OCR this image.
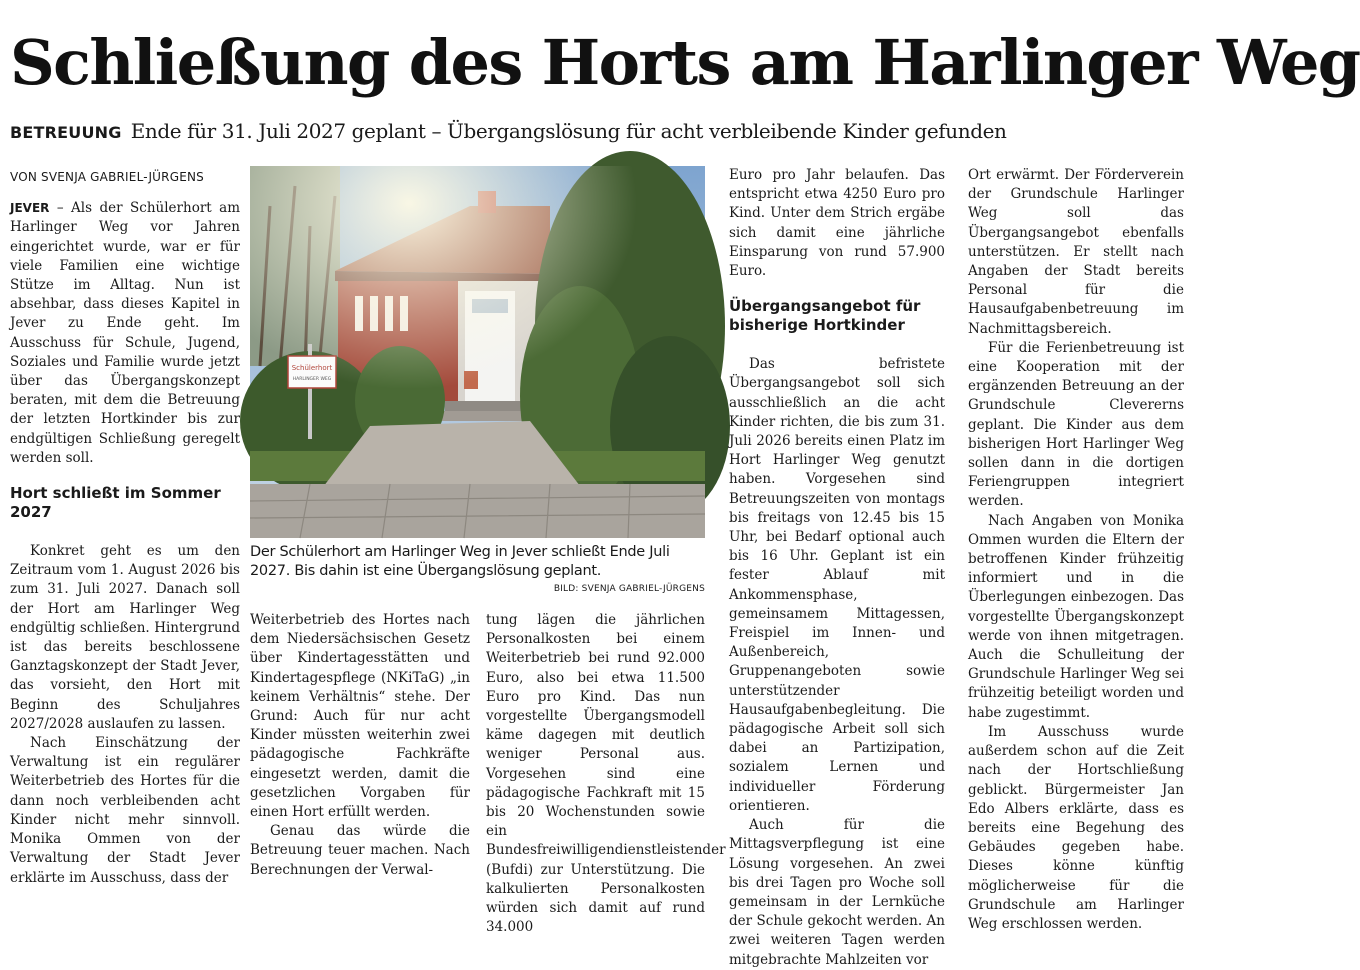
Schließung des Horts am Harlinger Weg
BETREUUNG Ende für 31. Juli 2027 geplant – Übergangslösung für acht verbleibende Kinder gefunden
VON SVENJA GABRIEL-JÜRGENS

JEVER – Als der Schülerhort am Harlinger Weg vor Jahren eingerichtet wurde, war er für viele Familien eine wichtige Stütze im Alltag. Nun ist absehbar, dass dieses Kapitel in Jever zu Ende geht. Im Ausschuss für Schule, Jugend, Soziales und Familie wurde jetzt über das Übergangskonzept beraten, mit dem die Betreuung der letzten Hortkinder bis zur endgültigen Schließung geregelt werden soll.

Hort schließt im Sommer 2027

Konkret geht es um den Zeitraum vom 1. August 2026 bis zum 31. Juli 2027. Danach soll der Hort am Harlinger Weg endgültig schließen. Hintergrund ist das bereits beschlossene Ganztagskonzept der Stadt Jever, das vorsieht, den Hort mit Beginn des Schuljahres 2027/2028 auslaufen zu lassen.

Nach Einschätzung der Verwaltung ist ein regulärer Weiterbetrieb des Hortes für die dann noch verbleibenden acht Kinder nicht mehr sinnvoll. Monika Ommen von der Verwaltung der Stadt Jever erklärte im Ausschuss, dass der

Der Schülerhort am Harlinger Weg in Jever schließt Ende Juli 2027. Bis dahin ist eine Übergangslösung geplant.
BILD: SVENJA GABRIEL-JÜRGENS

Weiterbetrieb des Hortes nach dem Niedersächsischen Gesetz über Kindertagesstätten und Kindertagespflege (NKiTaG) „in keinem Verhältnis“ stehe. Der Grund: Auch für nur acht Kinder müssten weiterhin zwei pädagogische Fachkräfte eingesetzt werden, damit die gesetzlichen Vorgaben für einen Hort erfüllt werden.

Genau das würde die Betreuung teuer machen. Nach Berechnungen der Verwal-

tung lägen die jährlichen Personalkosten bei einem Weiterbetrieb bei rund 92.000 Euro, also bei etwa 11.500 Euro pro Kind. Das nun vorgestellte Übergangsmodell käme dagegen mit deutlich weniger Personal aus. Vorgesehen sind eine pädagogische Fachkraft mit 15 bis 20 Wochenstunden sowie ein Bundesfreiwilligendienstleistender (Bufdi) zur Unterstützung. Die kalkulierten Personalkosten würden sich damit auf rund 34.000

Euro pro Jahr belaufen. Das entspricht etwa 4250 Euro pro Kind. Unter dem Strich ergäbe sich damit eine jährliche Einsparung von rund 57.900 Euro.

Übergangsangebot für bisherige Hortkinder

Das befristete Übergangsangebot soll sich ausschließlich an die acht Kinder richten, die bis zum 31. Juli 2026 bereits einen Platz im Hort Harlinger Weg genutzt haben. Vorgesehen sind Betreuungszeiten von montags bis freitags von 12.45 bis 15 Uhr, bei Bedarf optional auch bis 16 Uhr. Geplant ist ein fester Ablauf mit Ankommensphase, gemeinsamem Mittagessen, Freispiel im Innen- und Außenbereich, Gruppenangeboten sowie unterstützender Hausaufgabenbegleitung. Die pädagogische Arbeit soll sich dabei an Partizipation, sozialem Lernen und individueller Förderung orientieren.

Auch für die Mittagsverpflegung ist eine Lösung vorgesehen. An zwei bis drei Tagen pro Woche soll gemeinsam in der Lernküche der Schule gekocht werden. An zwei weiteren Tagen werden mitgebrachte Mahlzeiten vor

Ort erwärmt. Der Förderverein der Grundschule Harlinger Weg soll das Übergangsangebot ebenfalls unterstützen. Er stellt nach Angaben der Stadt bereits Personal für die Hausaufgabenbetreuung im Nachmittagsbereich.

Für die Ferienbetreuung ist eine Kooperation mit der ergänzenden Betreuung an der Grundschule Clevererns geplant. Die Kinder aus dem bisherigen Hort Harlinger Weg sollen dann in die dortigen Feriengruppen integriert werden.

Nach Angaben von Monika Ommen wurden die Eltern der betroffenen Kinder frühzeitig informiert und in die Überlegungen einbezogen. Das vorgestellte Übergangskonzept werde von ihnen mitgetragen. Auch die Schulleitung der Grundschule Harlinger Weg sei frühzeitig beteiligt worden und habe zugestimmt.

Im Ausschuss wurde außerdem schon auf die Zeit nach der Hortschließung geblickt. Bürgermeister Jan Edo Albers erklärte, dass es bereits eine Begehung des Gebäudes gegeben habe. Dieses könne künftig möglicherweise für die Grundschule am Harlinger Weg erschlossen werden.
